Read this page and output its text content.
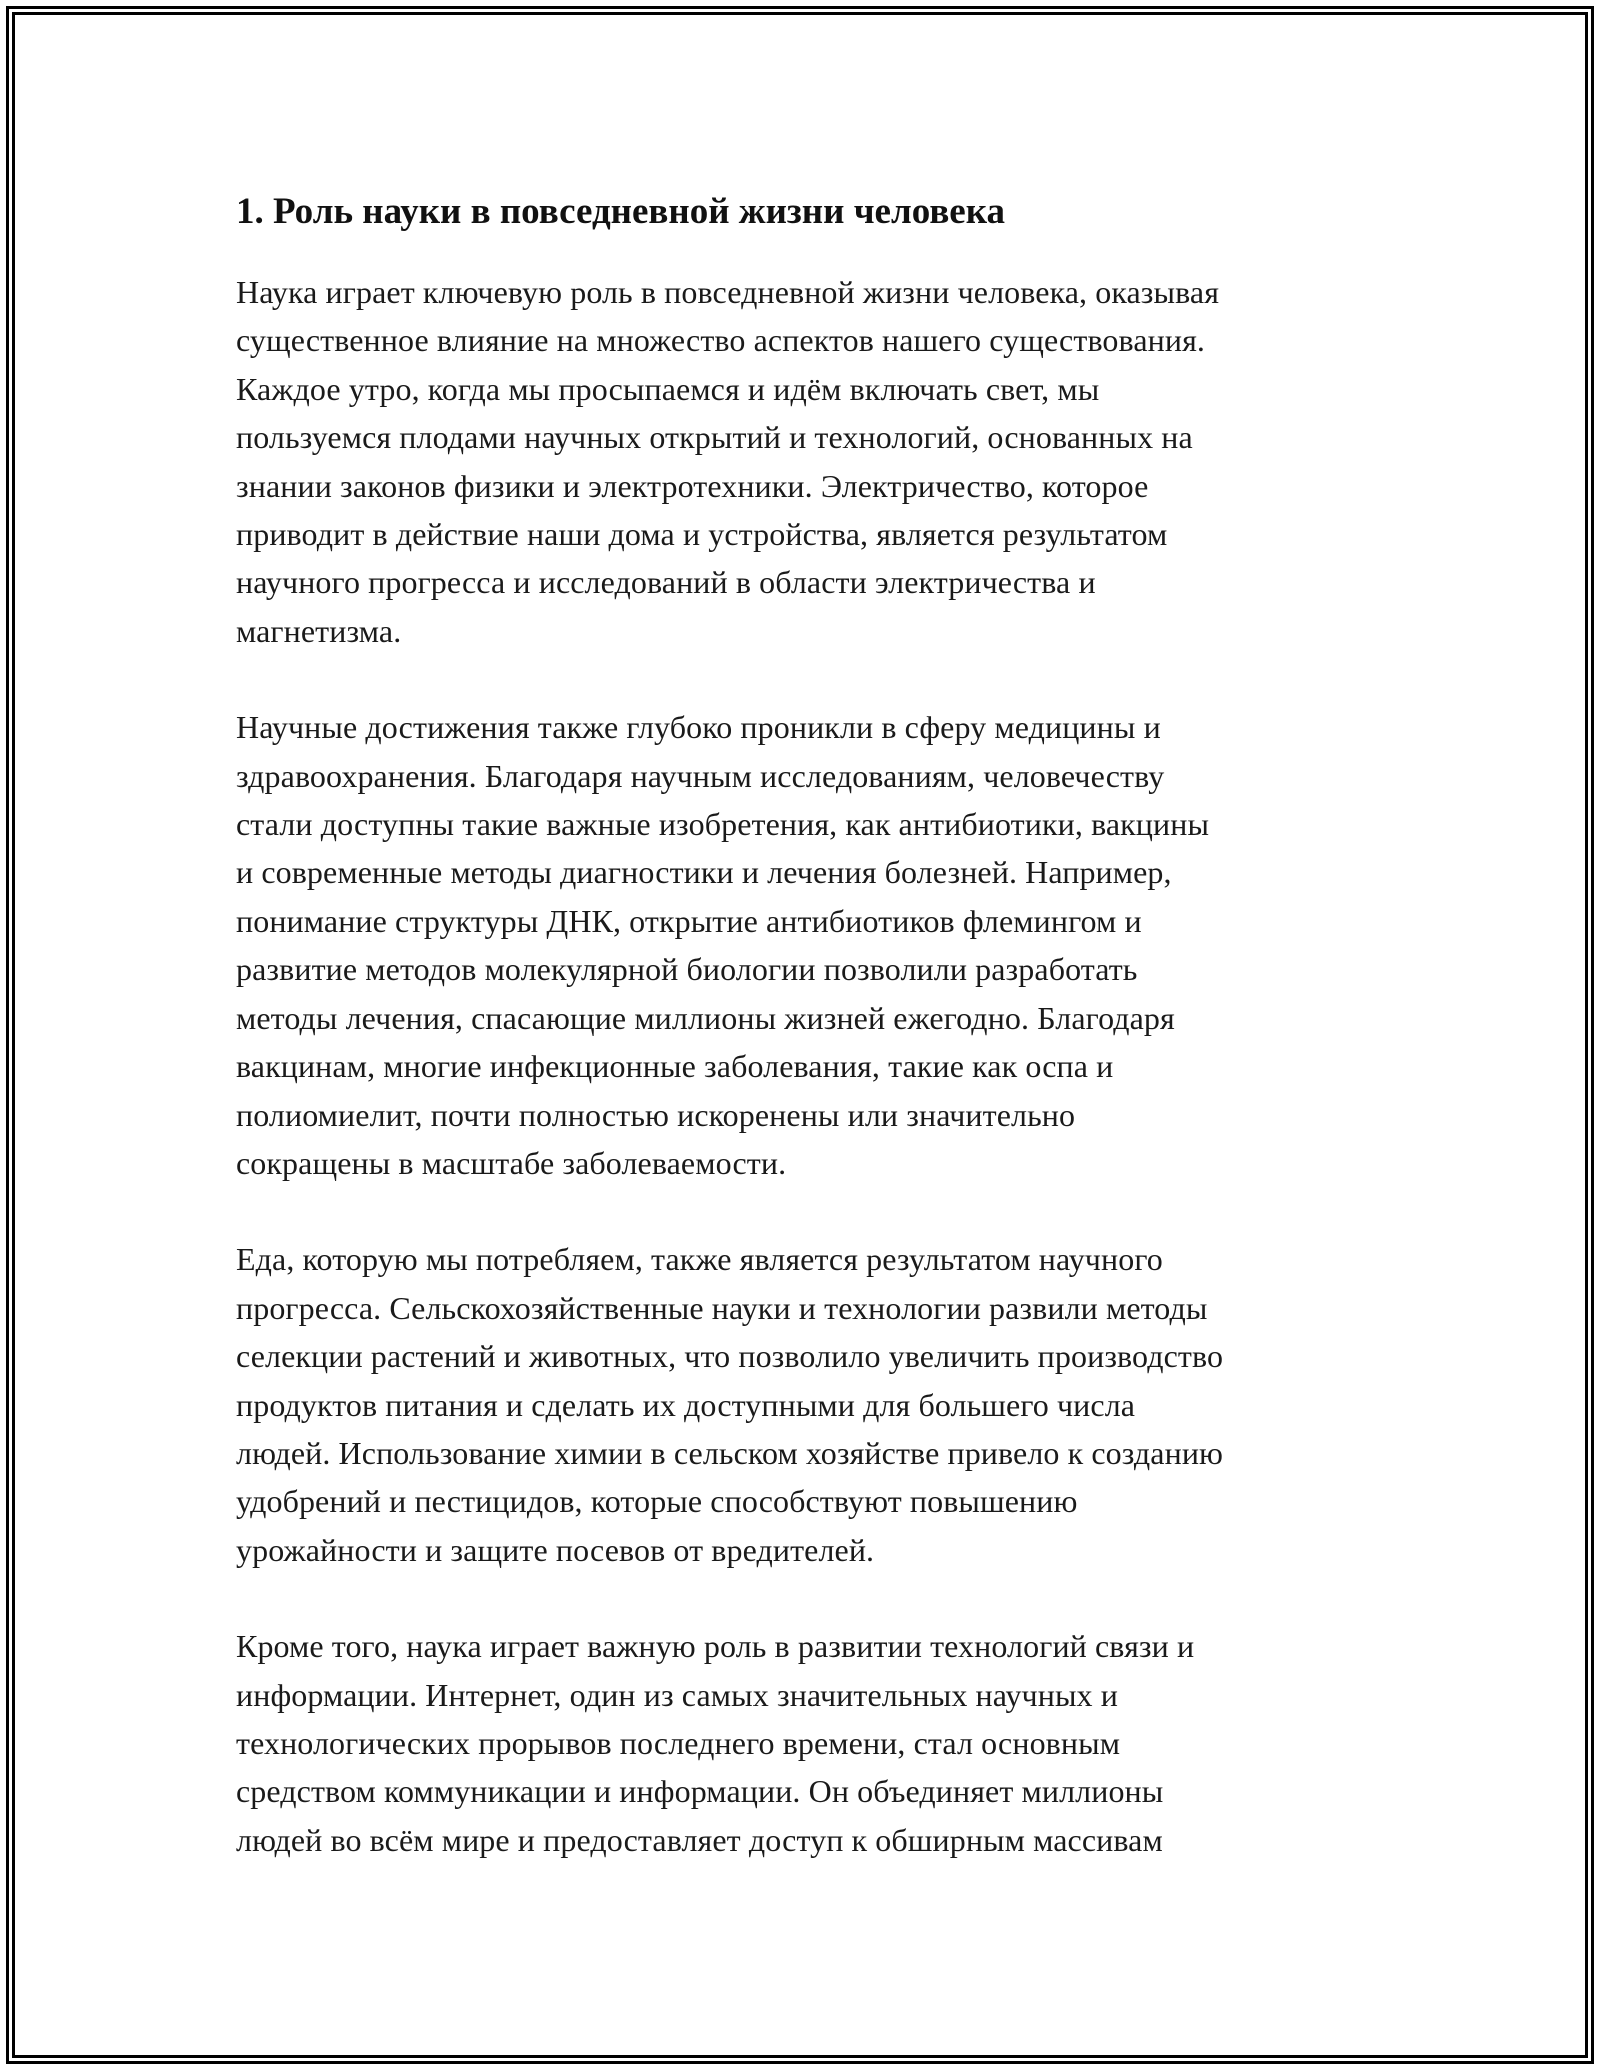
1. Роль науки в повседневной жизни человека

Наука играет ключевую роль в повседневной жизни человека, оказывая
существенное влияние на множество аспектов нашего существования.
Каждое утро, когда мы просыпаемся и идём включать свет, мы
пользуемся плодами научных открытий и технологий, основанных на
знании законов физики и электротехники. Электричество, которое
приводит в действие наши дома и устройства, является результатом
научного прогресса и исследований в области электричества и
магнетизма.

Научные достижения также глубоко проникли в сферу медицины и
здравоохранения. Благодаря научным исследованиям, человечеству
стали доступны такие важные изобретения, как антибиотики, вакцины
и современные методы диагностики и лечения болезней. Например,
понимание структуры ДНК, открытие антибиотиков флемингом и
развитие методов молекулярной биологии позволили разработать
методы лечения, спасающие миллионы жизней ежегодно. Благодаря
вакцинам, многие инфекционные заболевания, такие как оспа и
полиомиелит, почти полностью искоренены или значительно
сокращены в масштабе заболеваемости.

Еда, которую мы потребляем, также является результатом научного
прогресса. Сельскохозяйственные науки и технологии развили методы
селекции растений и животных, что позволило увеличить производство
продуктов питания и сделать их доступными для большего числа
людей. Использование химии в сельском хозяйстве привело к созданию
удобрений и пестицидов, которые способствуют повышению
урожайности и защите посевов от вредителей.

Кроме того, наука играет важную роль в развитии технологий связи и
информации. Интернет, один из самых значительных научных и
технологических прорывов последнего времени, стал основным
средством коммуникации и информации. Он объединяет миллионы
людей во всём мире и предоставляет доступ к обширным массивам
